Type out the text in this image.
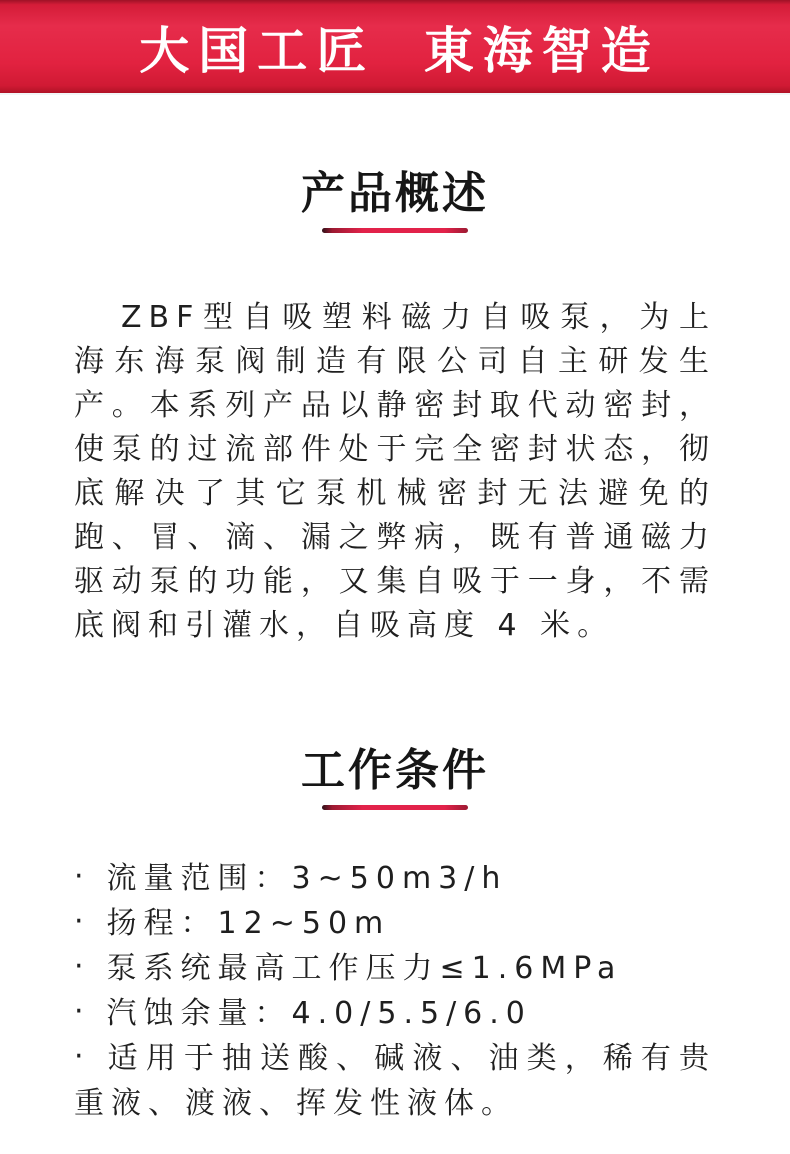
大国工匠 東海智造
产品概述

ZBF型自吸塑料磁力自吸泵，为上海东海泵阀制造有限公司自主研发生产。本系列产品以静密封取代动密封，使泵的过流部件处于完全密封状态，彻底解决了其它泵机械密封无法避免的跑、冒、滴、漏之弊病，既有普通磁力驱动泵的功能，又集自吸于一身，不需底阀和引灌水，自吸高度 4 米。

工作条件
· 流量范围：3~50m3/h
· 扬程：12~50m
· 泵系统最高工作压力≤1.6MPa
· 汽蚀余量：4.0/5.5/6.0
· 适用于抽送酸、碱液、油类，稀有贵重液、渡液、挥发性液体。
